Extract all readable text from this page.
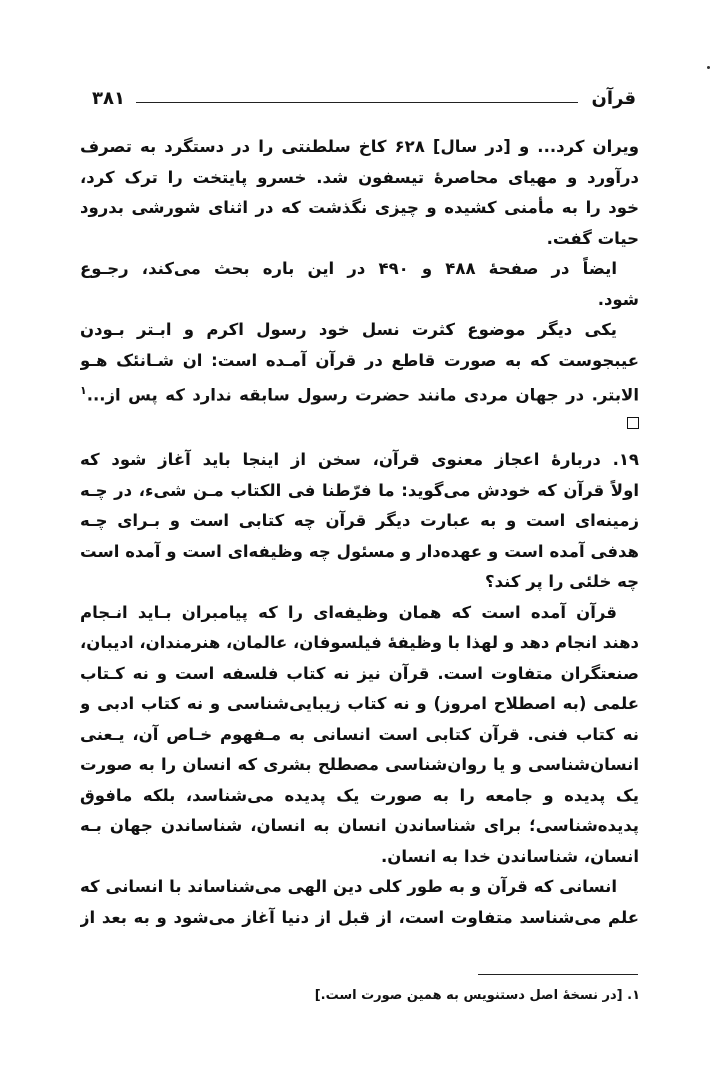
قرآن
۳۸۱
ویران کرد... و [در سال] ۶۲۸ کاخ سلطنتی را در دستگرد به تصرف
درآورد و مهیای محاصرهٔ تیسفون شد. خسرو پایتخت را ترک کرد،
خود را به مأمنی کشیده و چیزی نگذشت که در اثنای شورشی بدرود
حیات گفت.
ایضاً در صفحهٔ ۴۸۸ و ۴۹۰ در این باره بحث می‌کند، رجـوع
شود.
یکی دیگر موضوع کثرت نسل خود رسول اکرم و ابـتر بـودن
عیبجوست که به صورت قاطع در قرآن آمـده است: ان شـانئک هـو
الابتر. در جهان مردی مانند حضرت رسول سابقه ندارد که پس از...$^۱$
۱۹. دربارهٔ اعجاز معنوی قرآن، سخن از اینجا باید آغاز شود که
اولاً قرآن که خودش می‌گوید: ما فرّطنا فی الکتاب مـن شیء، در چـه
زمینه‌ای است و به عبارت دیگر قرآن چه کتابی است و بـرای چـه
هدفی آمده است و عهده‌دار و مسئول چه وظیفه‌ای است و آمده است
چه خلئی را پر کند؟
قرآن آمده است که همان وظیفه‌ای را که پیامبران بـاید انـجام
دهند انجام دهد و لهذا با وظیفهٔ فیلسوفان، عالمان، هنرمندان، ادیبان،
صنعتگران متفاوت است. قرآن نیز نه کتاب فلسفه است و نه کـتاب
علمی (به اصطلاح امروز) و نه کتاب زیبایی‌شناسی و نه کتاب ادبی و
نه کتاب فنی. قرآن کتابی است انسانی به مـفهوم خـاص آن، یـعنی
انسان‌شناسی و یا روان‌شناسی مصطلح بشری که انسان را به صورت
یک پدیده و جامعه را به صورت یک پدیده می‌شناسد، بلکه مافوق
پدیده‌شناسی؛ برای شناساندن انسان به انسان، شناساندن جهان بـه
انسان، شناساندن خدا به انسان.
انسانی که قرآن و به طور کلی دین الهی می‌شناساند با انسانی که
علم می‌شناسد متفاوت است، از قبل از دنیا آغاز می‌شود و به بعد از
۱. [در نسخهٔ اصل دستنویس به همین صورت است.]
